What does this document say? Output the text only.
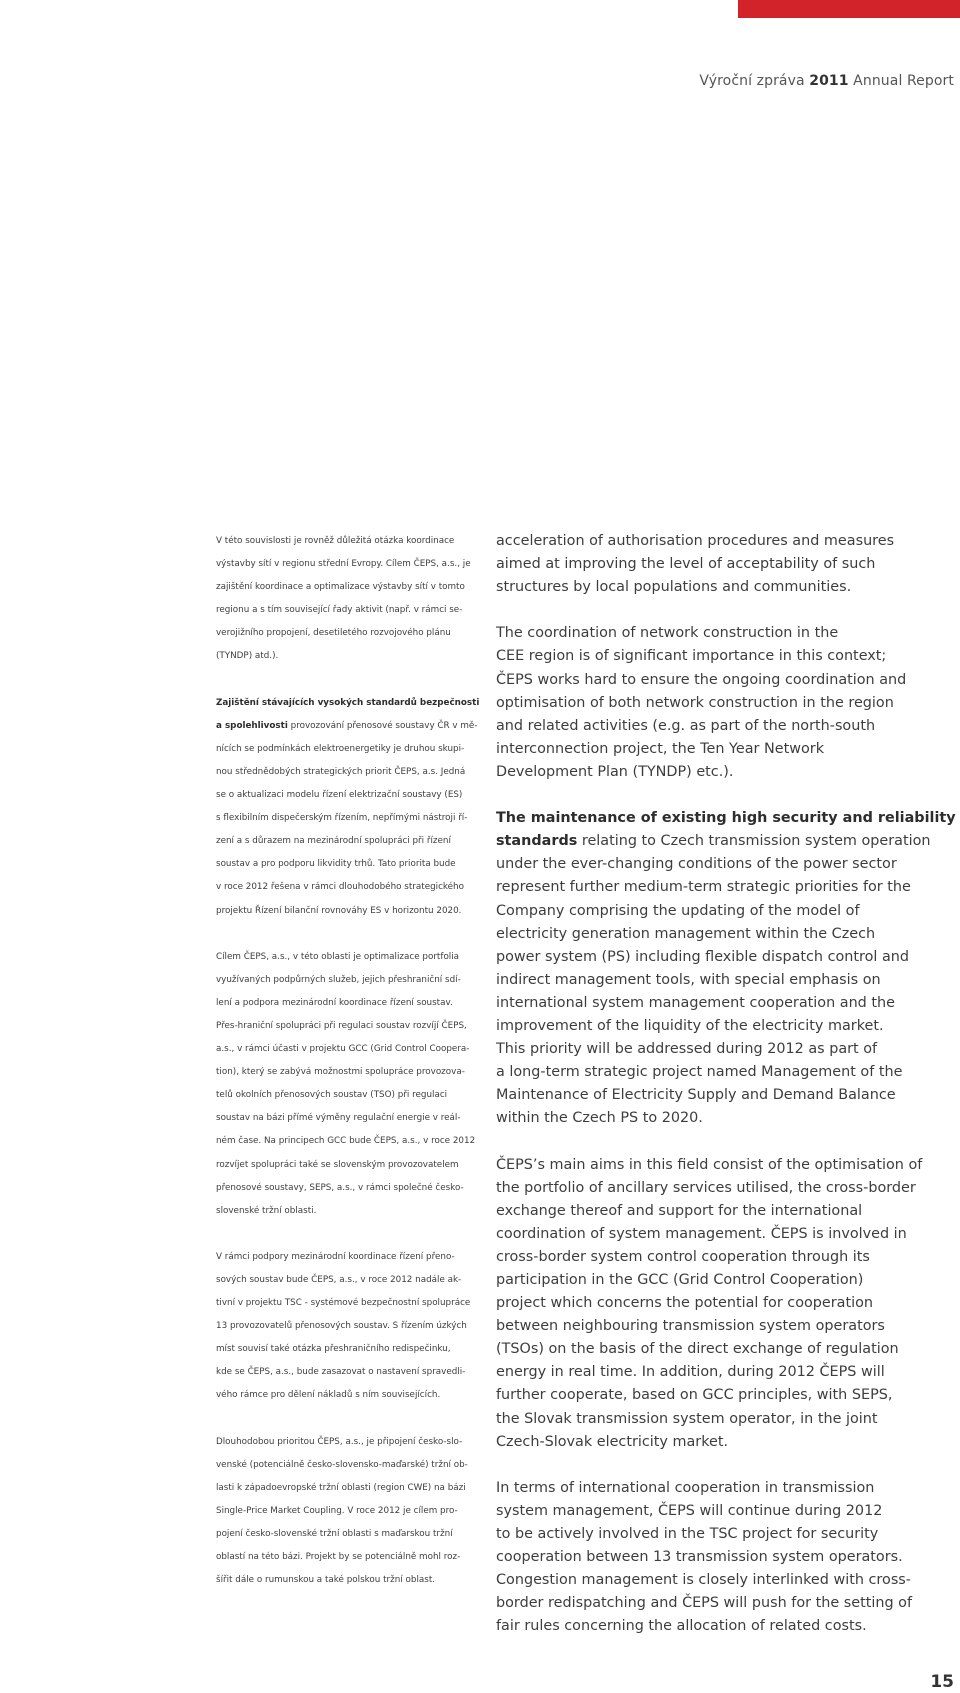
Výroční zpráva 2011 Annual Report
V této souvislosti je rovněž důležitá otázka koordinace
výstavby sítí v regionu střední Evropy. Cílem ČEPS, a.s., je
zajištění koordinace a optimalizace výstavby sítí v tomto
regionu a s tím související řady aktivit (např. v rámci se-
verojižního propojení, desetiletého rozvojového plánu
(TYNDP) atd.).
Zajištění stávajících vysokých standardů bezpečnosti
a spolehlivosti provozování přenosové soustavy ČR v mě-
nících se podmínkách elektroenergetiky je druhou skupi-
nou střednědobých strategických priorit ČEPS, a.s. Jedná
se o aktualizaci modelu řízení elektrizační soustavy (ES)
s flexibilním dispečerským řízením, nepřímými nástroji ří-
zení a s důrazem na mezinárodní spolupráci při řízení
soustav a pro podporu likvidity trhů. Tato priorita bude
v roce 2012 řešena v rámci dlouhodobého strategického
projektu Řízení bilanční rovnováhy ES v horizontu 2020.
Cílem ČEPS, a.s., v této oblasti je optimalizace portfolia
využívaných podpůrných služeb, jejich přeshraniční sdí-
lení a podpora mezinárodní koordinace řízení soustav.
Přes-hraniční spolupráci při regulaci soustav rozvíjí ČEPS,
a.s., v rámci účasti v projektu GCC (Grid Control Coopera-
tion), který se zabývá možnostmi spolupráce provozova-
telů okolních přenosových soustav (TSO) při regulaci
soustav na bázi přímé výměny regulační energie v reál-
ném čase. Na principech GCC bude ČEPS, a.s., v roce 2012
rozvíjet spolupráci také se slovenským provozovatelem
přenosové soustavy, SEPS, a.s., v rámci společné česko-
slovenské tržní oblasti.
V rámci podpory mezinárodní koordinace řízení přeno-
sových soustav bude ČEPS, a.s., v roce 2012 nadále ak-
tivní v projektu TSC - systémové bezpečnostní spolupráce
13 provozovatelů přenosových soustav. S řízením úzkých
míst souvisí také otázka přeshraničního redispečinku,
kde se ČEPS, a.s., bude zasazovat o nastavení spravedli-
vého rámce pro dělení nákladů s ním souvisejících.
Dlouhodobou prioritou ČEPS, a.s., je připojení česko-slo-
venské (potenciálně česko-slovensko-maďarské) tržní ob-
lasti k západoevropské tržní oblasti (region CWE) na bázi
Single-Price Market Coupling. V roce 2012 je cílem pro-
pojení česko-slovenské tržní oblasti s maďarskou tržní
oblastí na této bázi. Projekt by se potenciálně mohl roz-
šířit dále o rumunskou a také polskou tržní oblast.
acceleration of authorisation procedures and measures
aimed at improving the level of acceptability of such
structures by local populations and communities.
The coordination of network construction in the
CEE region is of significant importance in this context;
ČEPS works hard to ensure the ongoing coordination and
optimisation of both network construction in the region
and related activities (e.g. as part of the north-south
interconnection project, the Ten Year Network
Development Plan (TYNDP) etc.).
The maintenance of existing high security and reliability
standards relating to Czech transmission system operation
under the ever-changing conditions of the power sector
represent further medium-term strategic priorities for the
Company comprising the updating of the model of
electricity generation management within the Czech
power system (PS) including flexible dispatch control and
indirect management tools, with special emphasis on
international system management cooperation and the
improvement of the liquidity of the electricity market.
This priority will be addressed during 2012 as part of
a long-term strategic project named Management of the
Maintenance of Electricity Supply and Demand Balance
within the Czech PS to 2020.
ČEPS’s main aims in this field consist of the optimisation of
the portfolio of ancillary services utilised, the cross-border
exchange thereof and support for the international
coordination of system management. ČEPS is involved in
cross-border system control cooperation through its
participation in the GCC (Grid Control Cooperation)
project which concerns the potential for cooperation
between neighbouring transmission system operators
(TSOs) on the basis of the direct exchange of regulation
energy in real time. In addition, during 2012 ČEPS will
further cooperate, based on GCC principles, with SEPS,
the Slovak transmission system operator, in the joint
Czech-Slovak electricity market.
In terms of international cooperation in transmission
system management, ČEPS will continue during 2012
to be actively involved in the TSC project for security
cooperation between 13 transmission system operators.
Congestion management is closely interlinked with cross-
border redispatching and ČEPS will push for the setting of
fair rules concerning the allocation of related costs.
15
